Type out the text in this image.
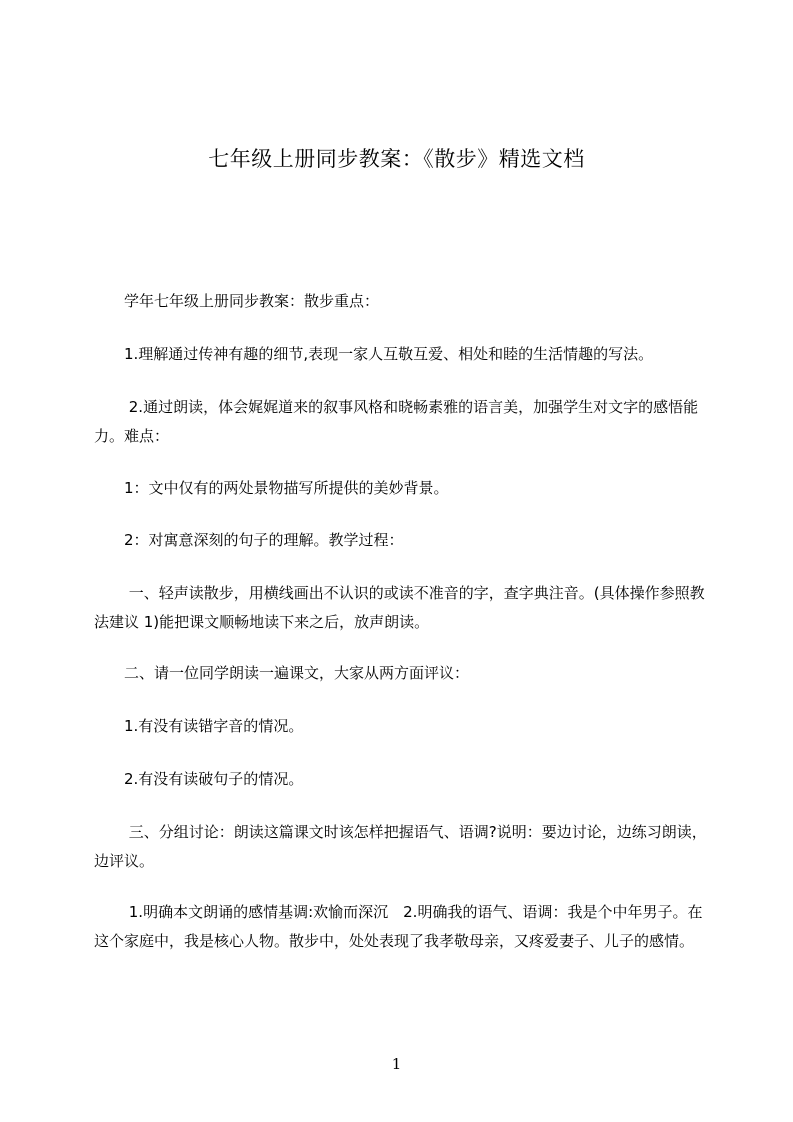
七年级上册同步教案：《散步》精选文档
　　学年七年级上册同步教案：散步重点：
　　1.理解通过传神有趣的细节,表现一家人互敬互爱、相处和睦的生活情趣的写法。
　　 2.通过朗读，体会娓娓道来的叙事风格和晓畅素雅的语言美，加强学生对文字的感悟能力。难点：
　　1：文中仅有的两处景物描写所提供的美妙背景。
　　2：对寓意深刻的句子的理解。教学过程：
　　 一、轻声读散步，用横线画出不认识的或读不准音的字，查字典注音。(具体操作参照教法建议 1)能把课文顺畅地读下来之后，放声朗读。
　　二、请一位同学朗读一遍课文，大家从两方面评议：
　　1.有没有读错字音的情况。
　　2.有没有读破句子的情况。
　　 三、分组讨论：朗读这篇课文时该怎样把握语气、语调?说明：要边讨论，边练习朗读，边评议。
　　 1.明确本文朗诵的感情基调:欢愉而深沉　2.明确我的语气、语调：我是个中年男子。在这个家庭中，我是核心人物。散步中，处处表现了我孝敬母亲，又疼爱妻子、儿子的感情。
1
